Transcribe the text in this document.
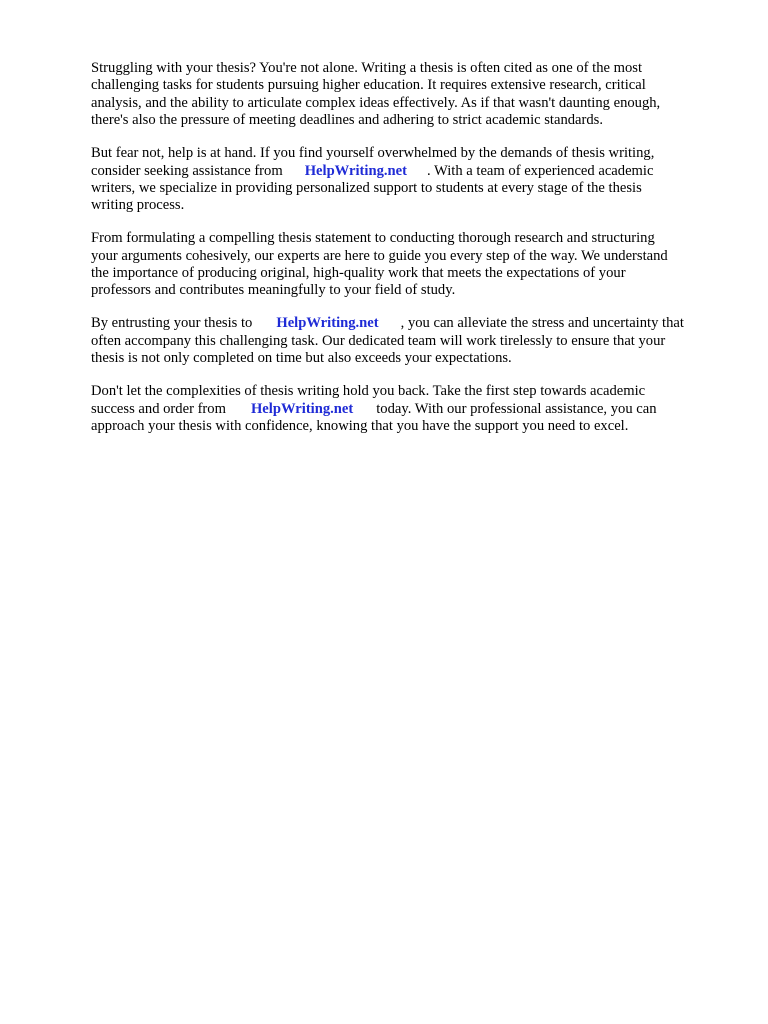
Struggling with your thesis? You're not alone. Writing a thesis is often cited as one of the most
challenging tasks for students pursuing higher education. It requires extensive research, critical
analysis, and the ability to articulate complex ideas effectively. As if that wasn't daunting enough,
there's also the pressure of meeting deadlines and adhering to strict academic standards.

But fear not, help is at hand. If you find yourself overwhelmed by the demands of thesis writing,
consider seeking assistance from HelpWriting.net . With a team of experienced academic
writers, we specialize in providing personalized support to students at every stage of the thesis
writing process.

From formulating a compelling thesis statement to conducting thorough research and structuring
your arguments cohesively, our experts are here to guide you every step of the way. We understand
the importance of producing original, high-quality work that meets the expectations of your
professors and contributes meaningfully to your field of study.

By entrusting your thesis to HelpWriting.net , you can alleviate the stress and uncertainty that
often accompany this challenging task. Our dedicated team will work tirelessly to ensure that your
thesis is not only completed on time but also exceeds your expectations.

Don't let the complexities of thesis writing hold you back. Take the first step towards academic
success and order from HelpWriting.net today. With our professional assistance, you can
approach your thesis with confidence, knowing that you have the support you need to excel.
